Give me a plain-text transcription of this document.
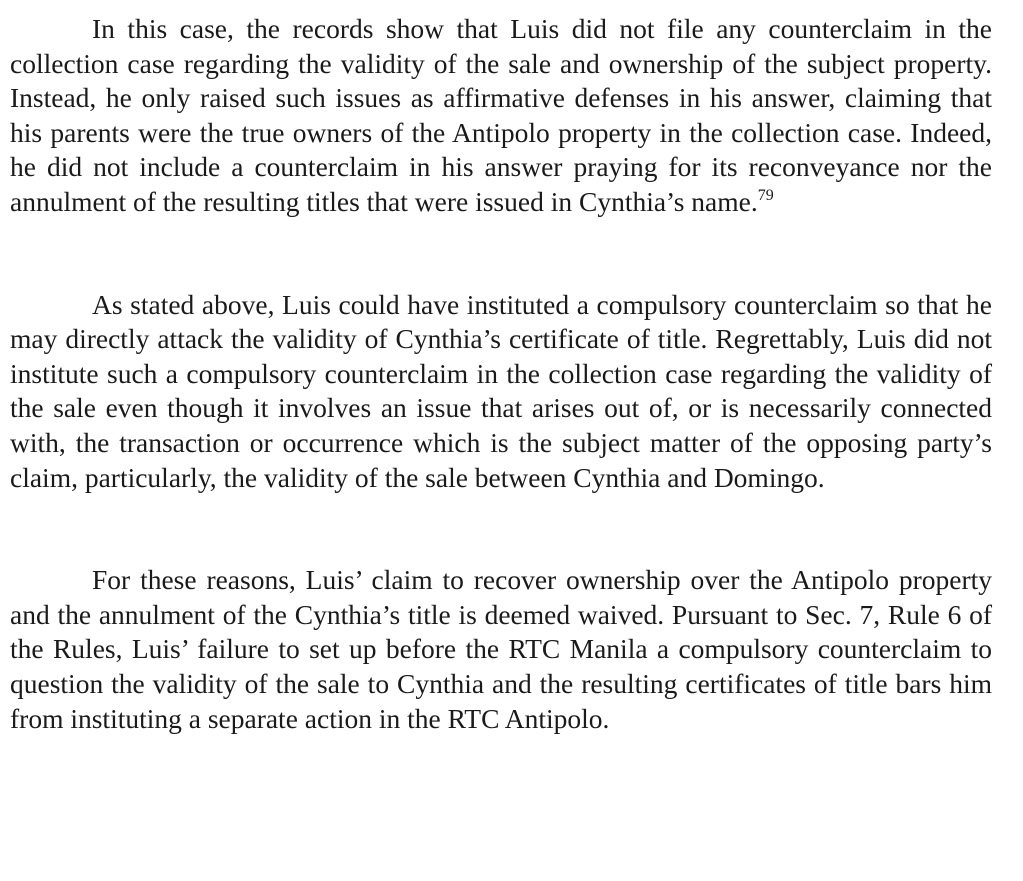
In this case, the records show that Luis did not file any counterclaim in the collection case regarding the validity of the sale and ownership of the subject property. Instead, he only raised such issues as affirmative defenses in his answer, claiming that his parents were the true owners of the Antipolo property in the collection case. Indeed, he did not include a counterclaim in his answer praying for its reconveyance nor the annulment of the resulting titles that were issued in Cynthia’s name.$^{79}$

As stated above, Luis could have instituted a compulsory counterclaim so that he may directly attack the validity of Cynthia’s certificate of title. Regrettably, Luis did not institute such a compulsory counterclaim in the collection case regarding the validity of the sale even though it involves an issue that arises out of, or is necessarily connected with, the transaction or occurrence which is the subject matter of the opposing party’s claim, particularly, the validity of the sale between Cynthia and Domingo.

For these reasons, Luis’ claim to recover ownership over the Antipolo property and the annulment of the Cynthia’s title is deemed waived. Pursuant to Sec. 7, Rule 6 of the Rules, Luis’ failure to set up before the RTC Manila a compulsory counterclaim to question the validity of the sale to Cynthia and the resulting certificates of title bars him from instituting a separate action in the RTC Antipolo.
